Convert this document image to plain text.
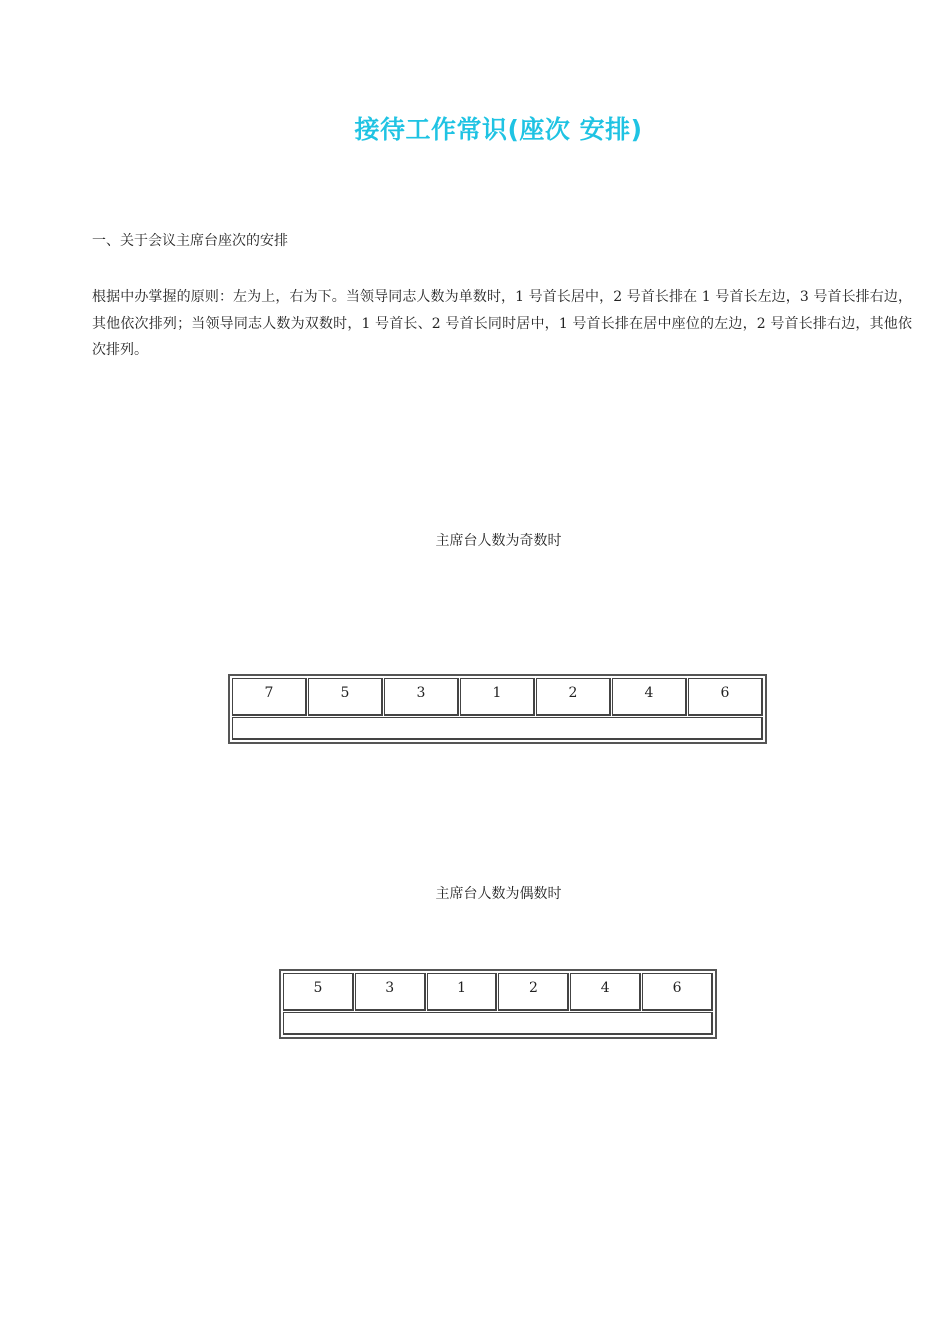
接待工作常识(座次 安排)
一、关于会议主席台座次的安排
根据中办掌握的原则：左为上，右为下。当领导同志人数为单数时，1 号首长居中，2 号首长排在 1 号首长左边，3 号首长排右边，其他依次排列；当领导同志人数为双数时，1 号首长、2 号首长同时居中，1 号首长排在居中座位的左边，2 号首长排右边，其他依次排列。
主席台人数为奇数时
7	5	3	1	2	4	6
主席台人数为偶数时
5	3	1	2	4	6
